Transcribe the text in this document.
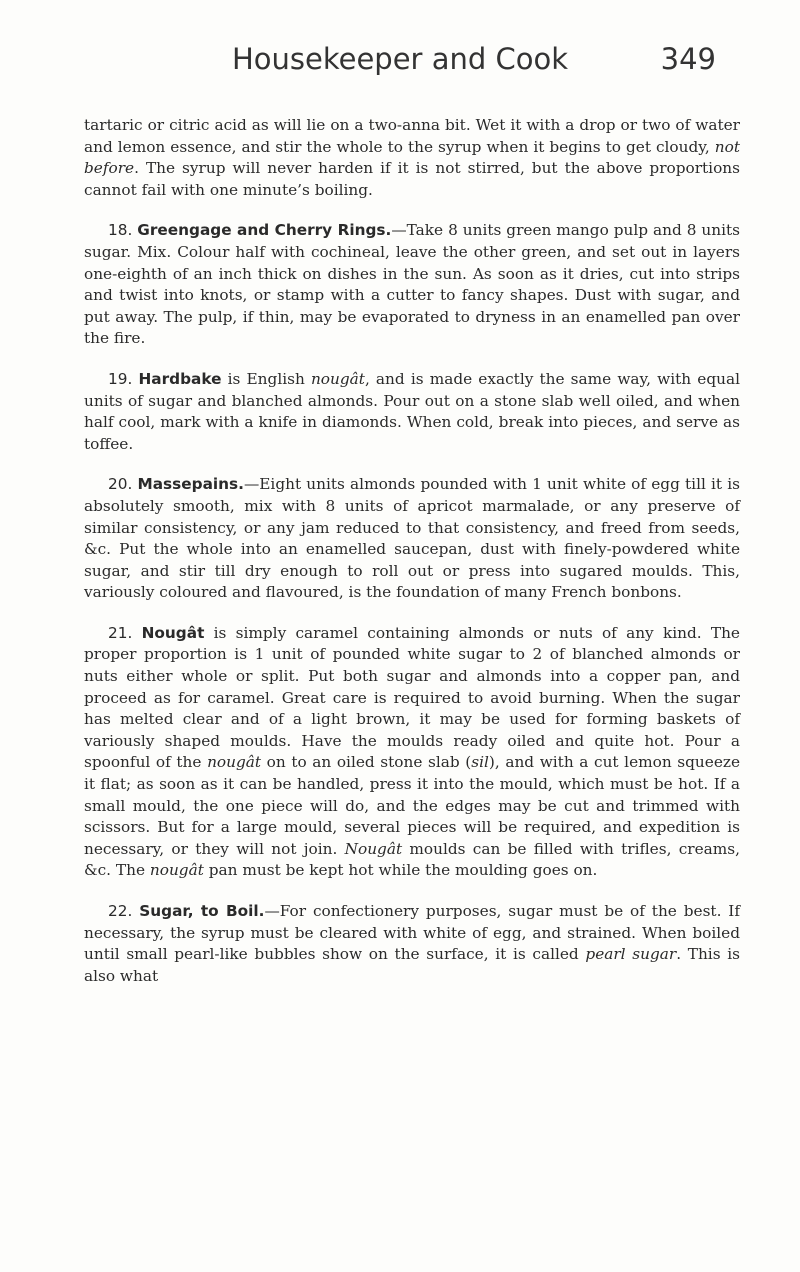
Housekeeper and Cook	349

tartaric or citric acid as will lie on a two-anna bit. Wet it with a drop or two of water and lemon essence, and stir the whole to the syrup when it begins to get cloudy, not before. The syrup will never harden if it is not stirred, but the above proportions cannot fail with one minute’s boiling.

18. Greengage and Cherry Rings.—Take 8 units green mango pulp and 8 units sugar. Mix. Colour half with cochineal, leave the other green, and set out in layers one-eighth of an inch thick on dishes in the sun. As soon as it dries, cut into strips and twist into knots, or stamp with a cutter to fancy shapes. Dust with sugar, and put away. The pulp, if thin, may be evaporated to dryness in an enamelled pan over the fire.

19. Hardbake is English nougât, and is made exactly the same way, with equal units of sugar and blanched almonds. Pour out on a stone slab well oiled, and when half cool, mark with a knife in diamonds. When cold, break into pieces, and serve as toffee.

20. Massepains.—Eight units almonds pounded with 1 unit white of egg till it is absolutely smooth, mix with 8 units of apricot marmalade, or any preserve of similar consistency, or any jam reduced to that consistency, and freed from seeds, &c. Put the whole into an enamelled saucepan, dust with finely-powdered white sugar, and stir till dry enough to roll out or press into sugared moulds. This, variously coloured and flavoured, is the foundation of many French bonbons.

21. Nougât is simply caramel containing almonds or nuts of any kind. The proper proportion is 1 unit of pounded white sugar to 2 of blanched almonds or nuts either whole or split. Put both sugar and almonds into a copper pan, and proceed as for caramel. Great care is required to avoid burning. When the sugar has melted clear and of a light brown, it may be used for forming baskets of variously shaped moulds. Have the moulds ready oiled and quite hot. Pour a spoonful of the nougât on to an oiled stone slab (sil), and with a cut lemon squeeze it flat; as soon as it can be handled, press it into the mould, which must be hot. If a small mould, the one piece will do, and the edges may be cut and trimmed with scissors. But for a large mould, several pieces will be required, and expedition is necessary, or they will not join. Nougât moulds can be filled with trifles, creams, &c. The nougât pan must be kept hot while the moulding goes on.

22. Sugar, to Boil.—For confectionery purposes, sugar must be of the best. If necessary, the syrup must be cleared with white of egg, and strained. When boiled until small pearl-like bubbles show on the surface, it is called pearl sugar. This is also what
